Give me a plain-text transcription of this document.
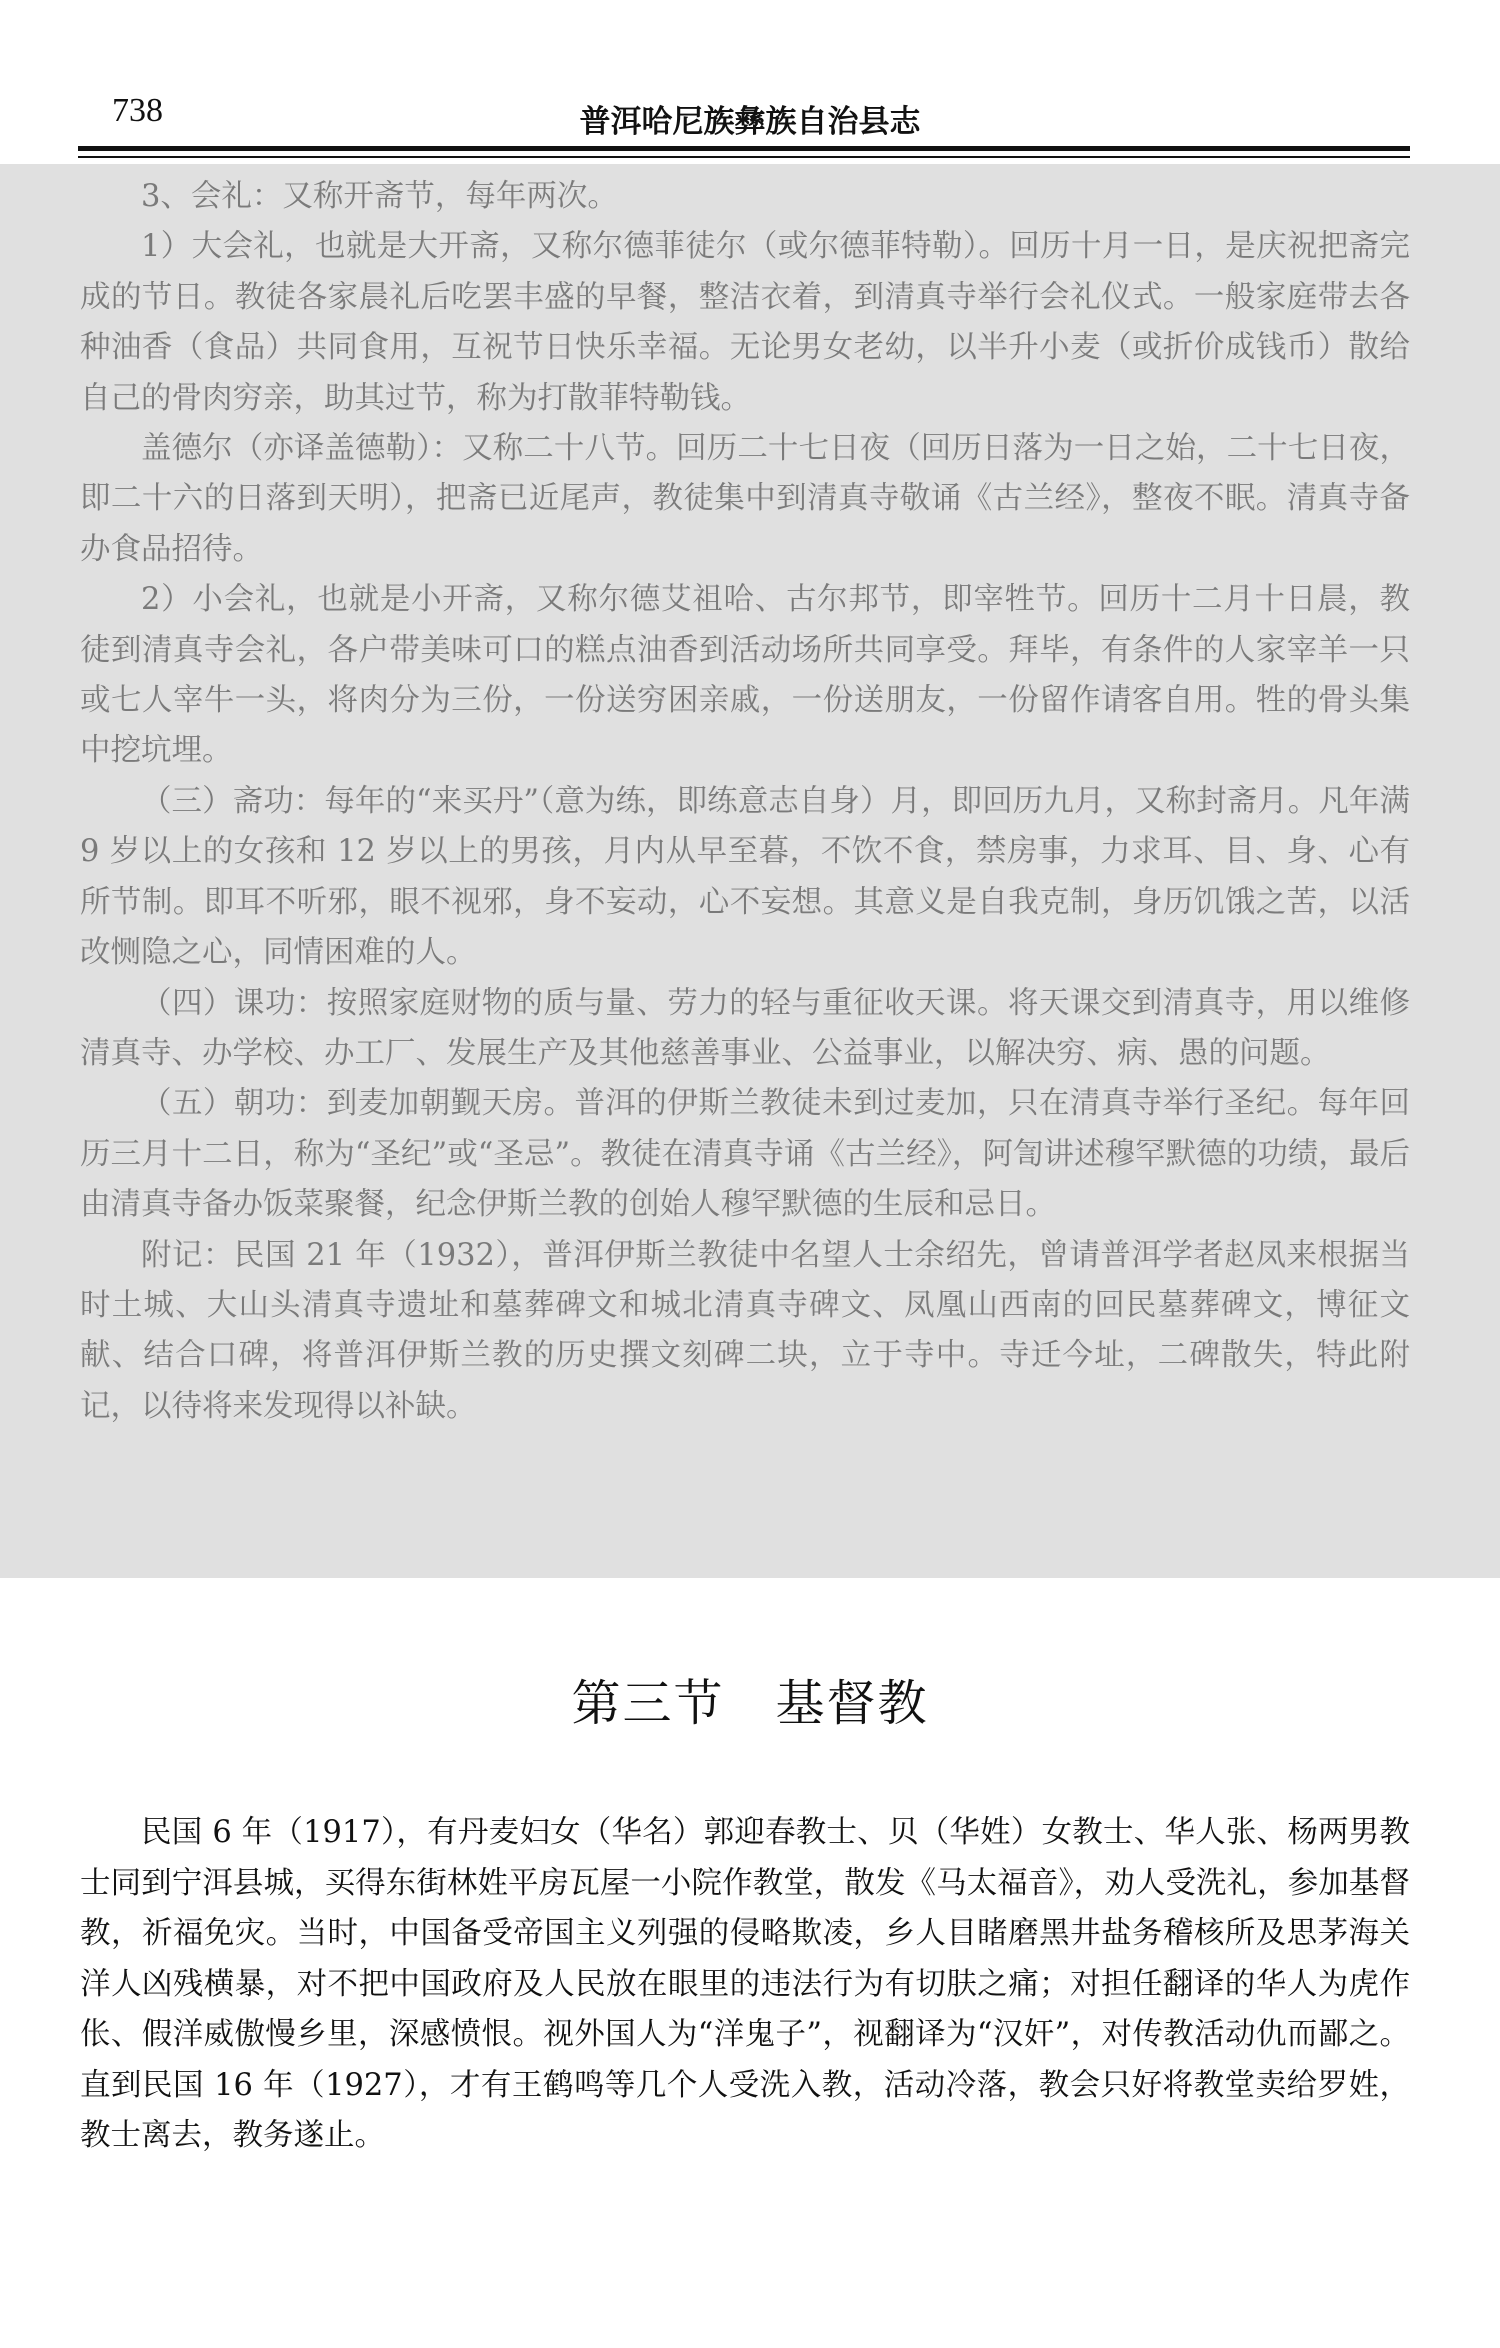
738	普洱哈尼族彝族自治县志

3、会礼：又称开斋节，每年两次。

1）大会礼，也就是大开斋，又称尔德菲徒尔（或尔德菲特勒）。回历十月一日，是庆祝把斋完成的节日。教徒各家晨礼后吃罢丰盛的早餐，整洁衣着，到清真寺举行会礼仪式。一般家庭带去各种油香（食品）共同食用，互祝节日快乐幸福。无论男女老幼，以半升小麦（或折价成钱币）散给自己的骨肉穷亲，助其过节，称为打散菲特勒钱。

盖德尔（亦译盖德勒）：又称二十八节。回历二十七日夜（回历日落为一日之始，二十七日夜，即二十六的日落到天明），把斋已近尾声，教徒集中到清真寺敬诵《古兰经》，整夜不眠。清真寺备办食品招待。

2）小会礼，也就是小开斋，又称尔德艾祖哈、古尔邦节，即宰牲节。回历十二月十日晨，教徒到清真寺会礼，各户带美味可口的糕点油香到活动场所共同享受。拜毕，有条件的人家宰羊一只或七人宰牛一头，将肉分为三份，一份送穷困亲戚，一份送朋友，一份留作请客自用。牲的骨头集中挖坑埋。

（三）斋功：每年的“来买丹”（意为练，即练意志自身）月，即回历九月，又称封斋月。凡年满 9 岁以上的女孩和 12 岁以上的男孩，月内从早至暮，不饮不食，禁房事，力求耳、目、身、心有所节制。即耳不听邪，眼不视邪，身不妄动，心不妄想。其意义是自我克制，身历饥饿之苦，以活改恻隐之心，同情困难的人。

（四）课功：按照家庭财物的质与量、劳力的轻与重征收天课。将天课交到清真寺，用以维修清真寺、办学校、办工厂、发展生产及其他慈善事业、公益事业，以解决穷、病、愚的问题。

（五）朝功：到麦加朝觐天房。普洱的伊斯兰教徒未到过麦加，只在清真寺举行圣纪。每年回历三月十二日，称为“圣纪”或“圣忌”。教徒在清真寺诵《古兰经》，阿訇讲述穆罕默德的功绩，最后由清真寺备办饭菜聚餐，纪念伊斯兰教的创始人穆罕默德的生辰和忌日。

附记：民国 21 年（1932），普洱伊斯兰教徒中名望人士余绍先，曾请普洱学者赵凤来根据当时土城、大山头清真寺遗址和墓葬碑文和城北清真寺碑文、凤凰山西南的回民墓葬碑文，博征文献、结合口碑，将普洱伊斯兰教的历史撰文刻碑二块，立于寺中。寺迁今址，二碑散失，特此附记，以待将来发现得以补缺。

第三节　基督教

民国 6 年（1917），有丹麦妇女（华名）郭迎春教士、贝（华姓）女教士、华人张、杨两男教士同到宁洱县城，买得东街林姓平房瓦屋一小院作教堂，散发《马太福音》，劝人受洗礼，参加基督教，祈福免灾。当时，中国备受帝国主义列强的侵略欺凌，乡人目睹磨黑井盐务稽核所及思茅海关洋人凶残横暴，对不把中国政府及人民放在眼里的违法行为有切肤之痛；对担任翻译的华人为虎作伥、假洋威傲慢乡里，深感愤恨。视外国人为“洋鬼子”，视翻译为“汉奸”，对传教活动仇而鄙之。直到民国 16 年（1927），才有王鹤鸣等几个人受洗入教，活动冷落，教会只好将教堂卖给罗姓，教士离去，教务遂止。
